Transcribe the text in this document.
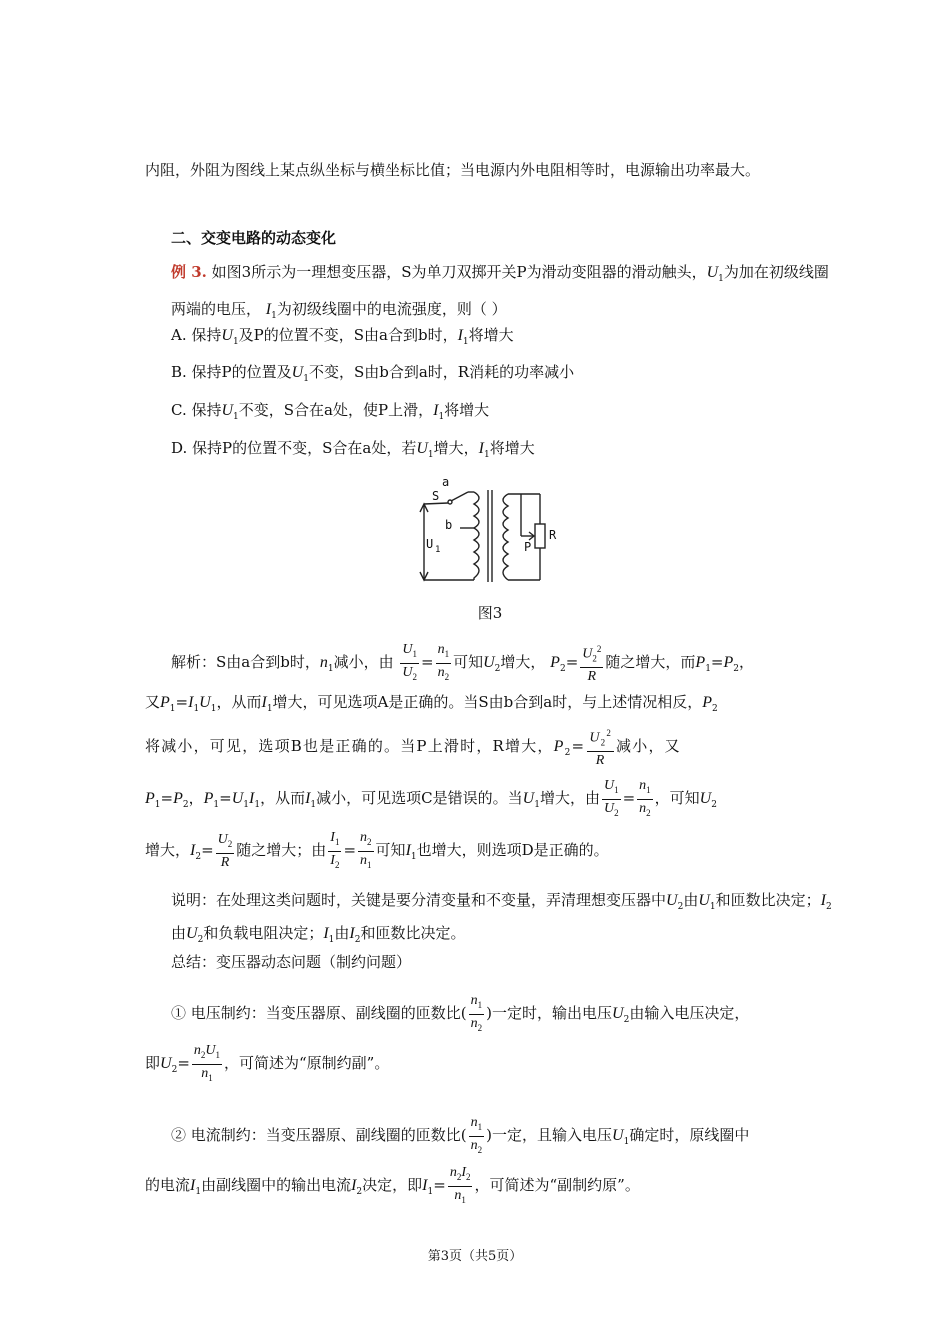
内阻，外阻为图线上某点纵坐标与横坐标比值；当电源内外电阻相等时，电源输出功率最大。
二、交变电路的动态变化
例 3. 如图3所示为一理想变压器，S为单刀双掷开关P为滑动变阻器的滑动触头，$U_1$为加在初级线圈两端的电压， $I_1$为初级线圈中的电流强度，则（ ）
A. 保持$U_1$及P的位置不变，S由a合到b时，$I_1$将增大
B. 保持P的位置及$U_1$不变，S由b合到a时，R消耗的功率减小
C. 保持$U_1$不变，S合在a处，使P上滑，$I_1$将增大
D. 保持P的位置不变，S合在a处，若$U_1$增大，$I_1$将增大
a
S
b
U 1	P
R
图3
解析：S由a合到b时，$n_1$减小，由 $\frac{U_1}{U_2} = \frac{n_1}{n_2}$ 可知$U_2$增大， $P_2= \frac{U_2^2}{R}$ 随之增大，而$P_1=P_2$，
又$P_1=I_1U_1$，从而$I_1$增大，可见选项A是正确的。当S由b合到a时，与上述情况相反，$P_2$
将减小，可见，选项B也是正确的。当P上滑时，R增大，$P_2= \frac{U_2^2}{R}$ 减小，又
$P_1=P_2$，$P_1=U_1I_1$，从而$I_1$减小，可见选项C是错误的。当$U_1$增大，由 $\frac{U_1}{U_2} = \frac{n_1}{n_2}$ ，可知$U_2$
增大，$I_2= \frac{U_2}{R}$ 随之增大；由 $\frac{I_1}{I_2} = \frac{n_2}{n_1}$ 可知$I_1$也增大，则选项D是正确的。
说明：在处理这类问题时，关键是要分清变量和不变量，弄清理想变压器中$U_2$由$U_1$和匝数比决定；$I_2$由$U_2$和负载电阻决定；$I_1$由$I_2$和匝数比决定。
总结：变压器动态问题（制约问题）
① 电压制约：当变压器原、副线圈的匝数比( $\frac{n_1}{n_2}$ )一定时，输出电压$U_2$由输入电压决定，
即$U_2= \frac{n_2U_1}{n_1}$ ，可简述为“原制约副”。
② 电流制约：当变压器原、副线圈的匝数比( $\frac{n_1}{n_2}$ )一定，且输入电压$U_1$确定时，原线圈中
的电流$I_1$由副线圈中的输出电流$I_2$决定，即$I_1= \frac{n_2I_2}{n_1}$ ，可简述为“副制约原”。
第3页（共5页）
